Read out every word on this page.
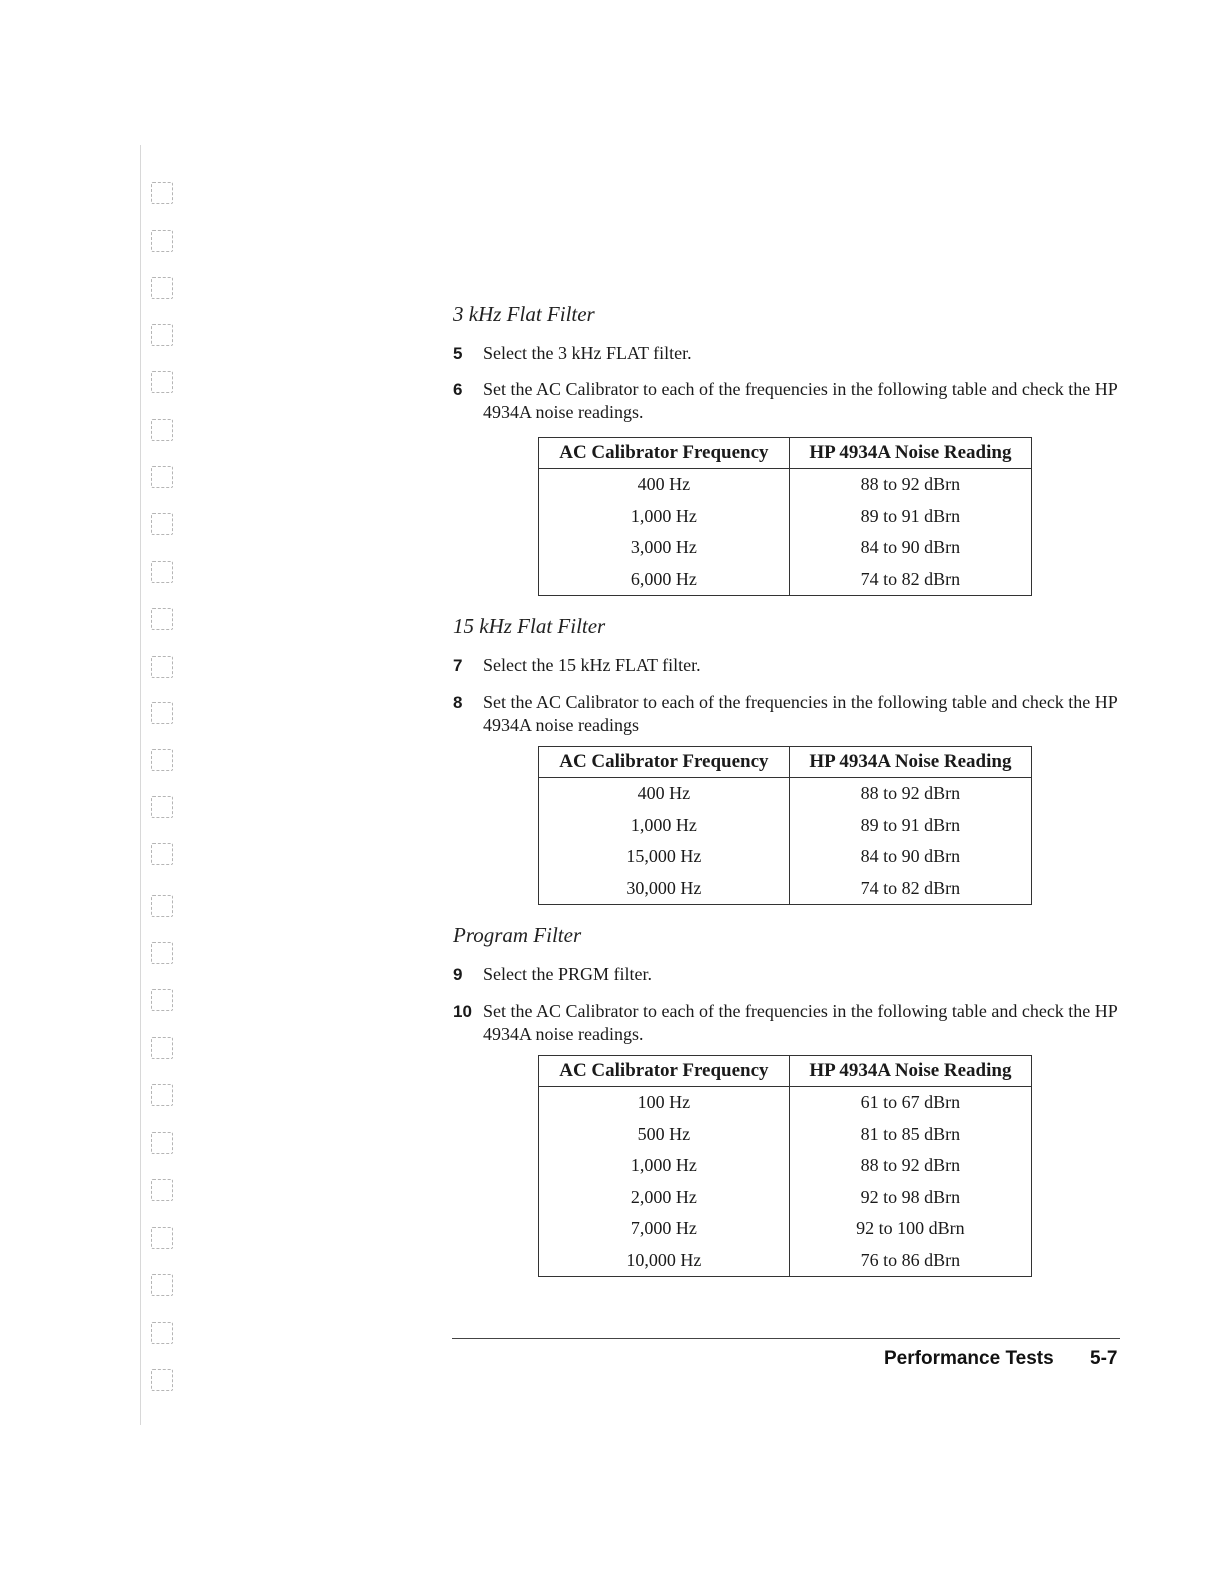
3 kHz Flat Filter
5 Select the 3 kHz FLAT filter.
6 Set the AC Calibrator to each of the frequencies in the following table and check the HP 4934A noise readings.
AC Calibrator Frequency	HP 4934A Noise Reading
400 Hz	88 to 92 dBrn
1,000 Hz	89 to 91 dBrn
3,000 Hz	84 to 90 dBrn
6,000 Hz	74 to 82 dBrn
15 kHz Flat Filter
7 Select the 15 kHz FLAT filter.
8 Set the AC Calibrator to each of the frequencies in the following table and check the HP 4934A noise readings
AC Calibrator Frequency	HP 4934A Noise Reading
400 Hz	88 to 92 dBrn
1,000 Hz	89 to 91 dBrn
15,000 Hz	84 to 90 dBrn
30,000 Hz	74 to 82 dBrn
Program Filter
9 Select the PRGM filter.
10 Set the AC Calibrator to each of the frequencies in the following table and check the HP 4934A noise readings.
AC Calibrator Frequency	HP 4934A Noise Reading
100 Hz	61 to 67 dBrn
500 Hz	81 to 85 dBrn
1,000 Hz	88 to 92 dBrn
2,000 Hz	92 to 98 dBrn
7,000 Hz	92 to 100 dBrn
10,000 Hz	76 to 86 dBrn
Performance Tests 5-7
